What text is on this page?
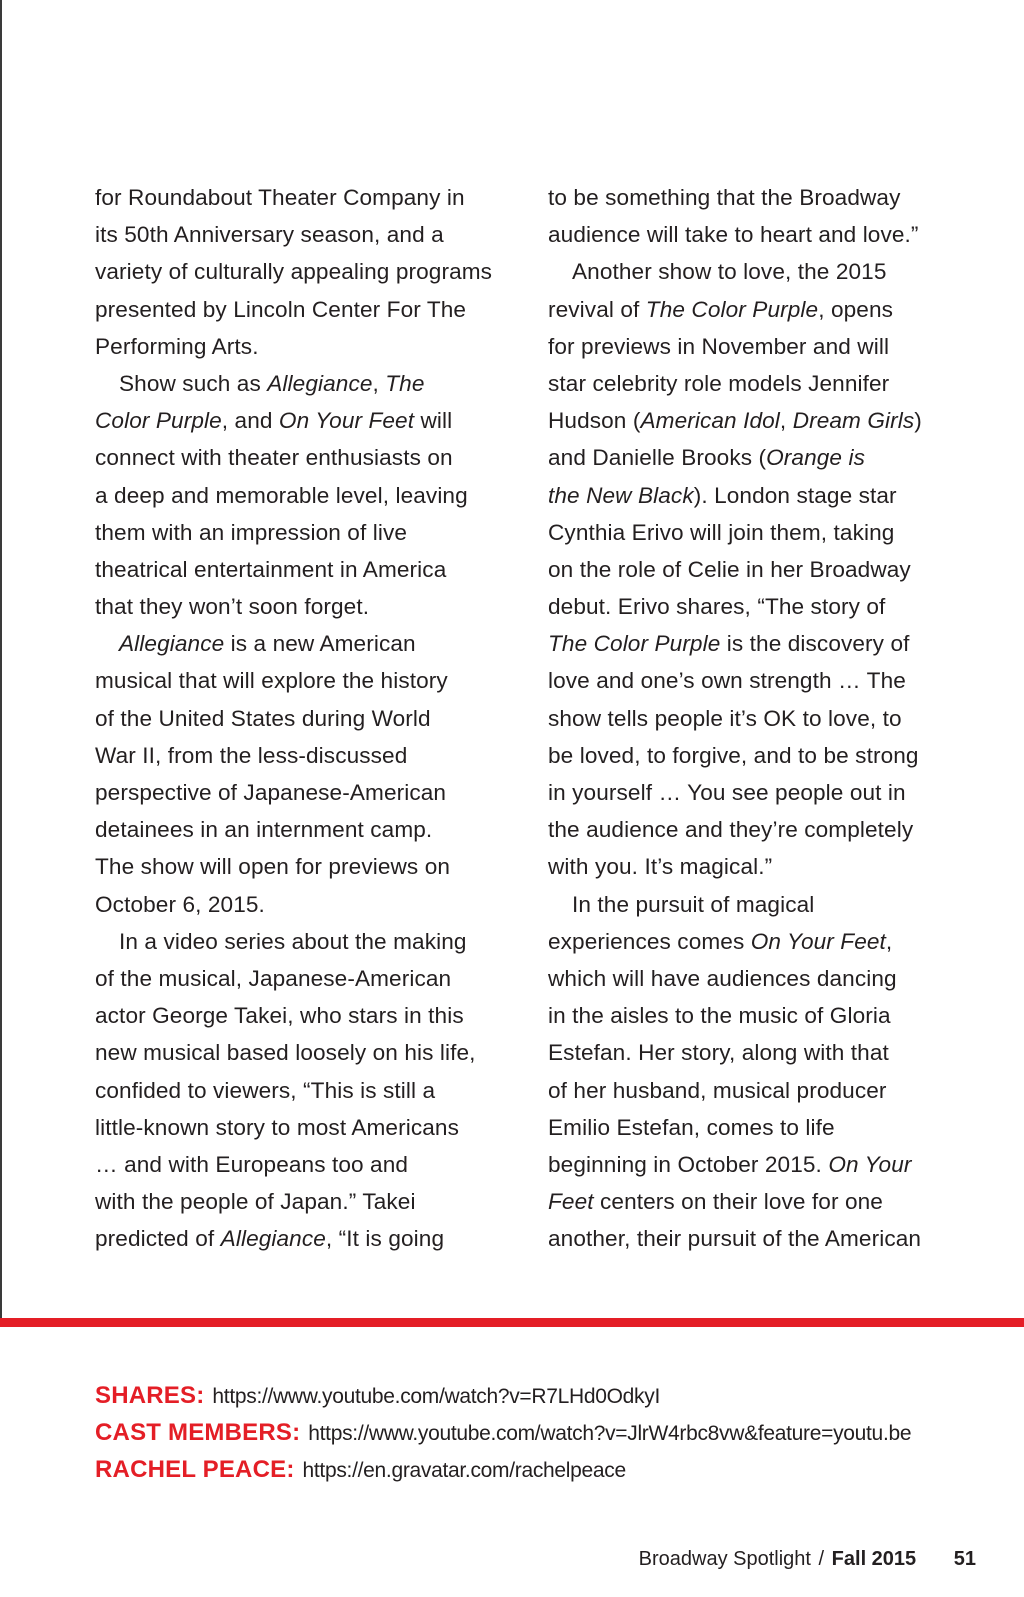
for Roundabout Theater Company in
its 50th Anniversary season, and a
variety of culturally appealing programs
presented by Lincoln Center For The
Performing Arts.
Show such as Allegiance, The
Color Purple, and On Your Feet will
connect with theater enthusiasts on
a deep and memorable level, leaving
them with an impression of live
theatrical entertainment in America
that they won’t soon forget.
Allegiance is a new American
musical that will explore the history
of the United States during World
War II, from the less-discussed
perspective of Japanese-American
detainees in an internment camp.
The show will open for previews on
October 6, 2015.
In a video series about the making
of the musical, Japanese-American
actor George Takei, who stars in this
new musical based loosely on his life,
confided to viewers, “This is still a
little-known story to most Americans
… and with Europeans too and
with the people of Japan.” Takei
predicted of Allegiance, “It is going
to be something that the Broadway
audience will take to heart and love.”
Another show to love, the 2015
revival of The Color Purple, opens
for previews in November and will
star celebrity role models Jennifer
Hudson (American Idol, Dream Girls)
and Danielle Brooks (Orange is
the New Black). London stage star
Cynthia Erivo will join them, taking
on the role of Celie in her Broadway
debut. Erivo shares, “The story of
The Color Purple is the discovery of
love and one’s own strength … The
show tells people it’s OK to love, to
be loved, to forgive, and to be strong
in yourself … You see people out in
the audience and they’re completely
with you. It’s magical.”
In the pursuit of magical
experiences comes On Your Feet,
which will have audiences dancing
in the aisles to the music of Gloria
Estefan. Her story, along with that
of her husband, musical producer
Emilio Estefan, comes to life
beginning in October 2015. On Your
Feet centers on their love for one
another, their pursuit of the American
SHARES: https://www.youtube.com/watch?v=R7LHd0OdkyI
CAST MEMBERS: https://www.youtube.com/watch?v=JlrW4rbc8vw&feature=youtu.be
RACHEL PEACE: https://en.gravatar.com/rachelpeace
Broadway Spotlight / Fall 2015 51
